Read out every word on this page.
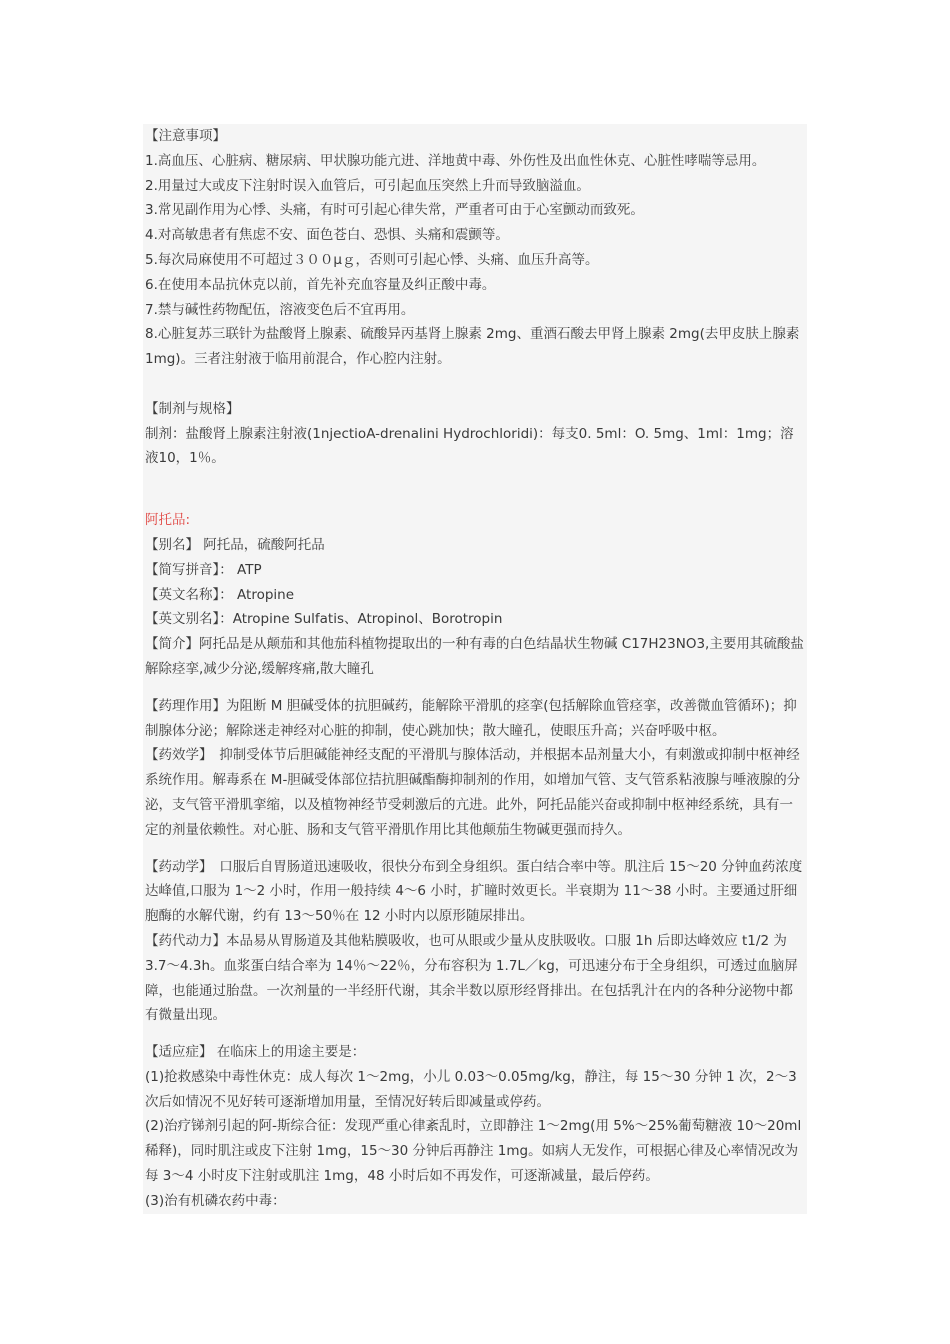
【注意事项】

1.高血压、心脏病、糖尿病、甲状腺功能亢进、洋地黄中毒、外伤性及出血性休克、心脏性哮喘等忌用。

2.用量过大或皮下注射时误入血管后，可引起血压突然上升而导致脑溢血。

3.常见副作用为心悸、头痛，有时可引起心律失常，严重者可由于心室颤动而致死。

4.对高敏患者有焦虑不安、面色苍白、恐惧、头痛和震颤等。

5.每次局麻使用不可超过３００μｇ，否则可引起心悸、头痛、血压升高等。

6.在使用本品抗休克以前，首先补充血容量及纠正酸中毒。

7.禁与碱性药物配伍，溶液变色后不宜再用。

8.心脏复苏三联针为盐酸肾上腺素、硫酸异丙基肾上腺素 2mg、重酒石酸去甲肾上腺素 2mg(去甲皮肤上腺素 1mg)。三者注射液于临用前混合，作心腔内注射。

【制剂与规格】

制剂：盐酸肾上腺素注射液(1njectioA-drenalini Hydrochloridi)：每支0. 5ml：O. 5mg、1ml：1mg；溶液10，1％。

阿托品:

【别名】 阿托品，硫酸阿托品

【简写拼音】： ATP

【英文名称】： Atropine

【英文别名】：Atropine Sulfatis、Atropinol、Borotropin

【简介】阿托品是从颠茄和其他茄科植物提取出的一种有毒的白色结晶状生物碱 C17H23NO3,主要用其硫酸盐解除痉挛,减少分泌,缓解疼痛,散大瞳孔

【药理作用】为阻断 M 胆碱受体的抗胆碱药，能解除平滑肌的痉挛(包括解除血管痉挛，改善微血管循环)；抑制腺体分泌；解除迷走神经对心脏的抑制，使心跳加快；散大瞳孔，使眼压升高；兴奋呼吸中枢。

【药效学】　抑制受体节后胆碱能神经支配的平滑肌与腺体活动，并根据本品剂量大小，有刺激或抑制中枢神经系统作用。解毒系在 M-胆碱受体部位拮抗胆碱酯酶抑制剂的作用，如增加气管、支气管系粘液腺与唾液腺的分泌，支气管平滑肌挛缩，以及植物神经节受刺激后的亢进。此外，阿托品能兴奋或抑制中枢神经系统，具有一定的剂量依赖性。对心脏、肠和支气管平滑肌作用比其他颠茄生物碱更强而持久。

【药动学】　口服后自胃肠道迅速吸收，很快分布到全身组织。蛋白结合率中等。肌注后 15～20 分钟血药浓度达峰值,口服为 1～2 小时，作用一般持续 4～6 小时，扩瞳时效更长。半衰期为 11～38 小时。主要通过肝细胞酶的水解代谢，约有 13～50％在 12 小时内以原形随尿排出。

【药代动力】本品易从胃肠道及其他粘膜吸收，也可从眼或少量从皮肤吸收。口服 1h 后即达峰效应 t1/2 为 3.7～4.3h。血浆蛋白结合率为 14％～22％，分布容积为 1.7L／kg，可迅速分布于全身组织，可透过血脑屏障，也能通过胎盘。一次剂量的一半经肝代谢，其余半数以原形经肾排出。在包括乳汁在内的各种分泌物中都有微量出现。

【适应症】 在临床上的用途主要是：

(1)抢救感染中毒性休克：成人每次 1～2mg，小儿 0.03～0.05mg/kg，静注，每 15～30 分钟 1 次，2～3 次后如情况不见好转可逐渐增加用量，至情况好转后即减量或停药。

(2)治疗锑剂引起的阿-斯综合征：发现严重心律紊乱时，立即静注 1～2mg(用 5%～25%葡萄糖液 10～20ml 稀释)，同时肌注或皮下注射 1mg，15～30 分钟后再静注 1mg。如病人无发作，可根据心律及心率情况改为每 3～4 小时皮下注射或肌注 1mg，48 小时后如不再发作，可逐渐减量，最后停药。

(3)治有机磷农药中毒：
